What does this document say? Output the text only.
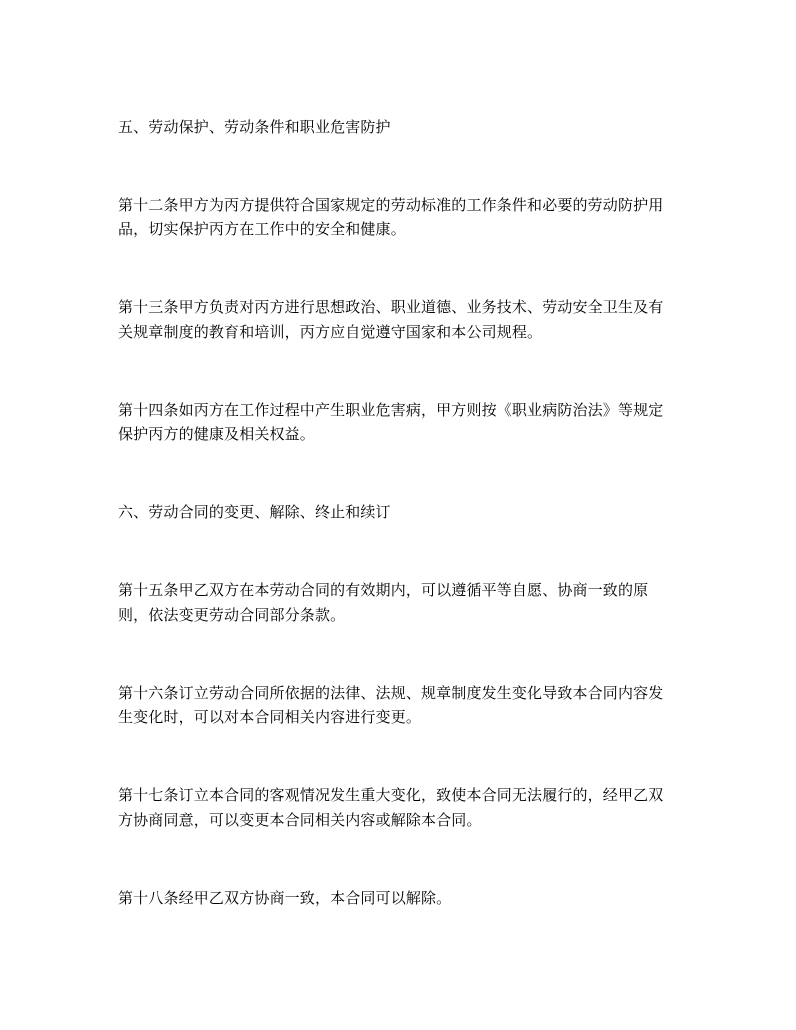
五、劳动保护、劳动条件和职业危害防护

第十二条甲方为丙方提供符合国家规定的劳动标准的工作条件和必要的劳动防护用
品，切实保护丙方在工作中的安全和健康。

第十三条甲方负责对丙方进行思想政治、职业道德、业务技术、劳动安全卫生及有
关规章制度的教育和培训，丙方应自觉遵守国家和本公司规程。

第十四条如丙方在工作过程中产生职业危害病，甲方则按《职业病防治法》等规定
保护丙方的健康及相关权益。

六、劳动合同的变更、解除、终止和续订

第十五条甲乙双方在本劳动合同的有效期内，可以遵循平等自愿、协商一致的原
则，依法变更劳动合同部分条款。

第十六条订立劳动合同所依据的法律、法规、规章制度发生变化导致本合同内容发
生变化时，可以对本合同相关内容进行变更。

第十七条订立本合同的客观情况发生重大变化，致使本合同无法履行的，经甲乙双
方协商同意，可以变更本合同相关内容或解除本合同。

第十八条经甲乙双方协商一致，本合同可以解除。
